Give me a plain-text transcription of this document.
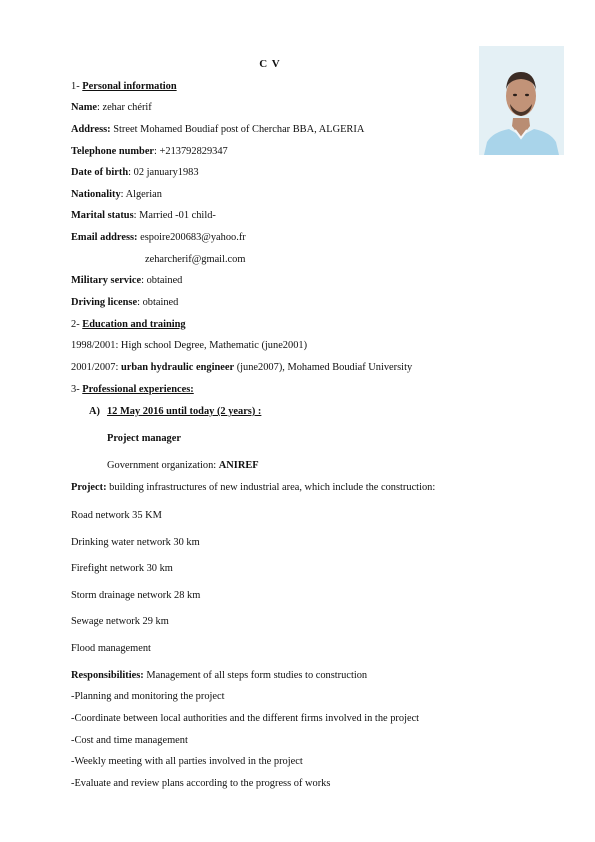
C V
1- Personal information
Name: zehar chérif
Address: Street Mohamed Boudiaf post of Cherchar BBA, ALGERIA
Telephone number: +213792829347
Date of birth: 02 january1983
Nationality: Algerian
Marital status: Married -01 child-
Email address: espoire200683@yahoo.fr
zeharcherif@gmail.com
Military service: obtained
Driving license: obtained
2- Education and training
1998/2001: High school Degree, Mathematic (june2001)
2001/2007: urban hydraulic engineer (june2007), Mohamed Boudiaf University
3- Professional experiences:
A) 12 May 2016 until today (2 years) :
Project manager
Government organization: ANIREF
Project: building infrastructures of new industrial area, which include the construction:
Road network 35 KM
Drinking water network 30 km
Firefight network 30 km
Storm drainage network 28 km
Sewage network 29 km
Flood management
Responsibilities: Management of all steps form studies to construction
-Planning and monitoring the project
-Coordinate between local authorities and the different firms involved in the project
-Cost and time management
-Weekly meeting with all parties involved in the project
-Evaluate and review plans according to the progress of works
